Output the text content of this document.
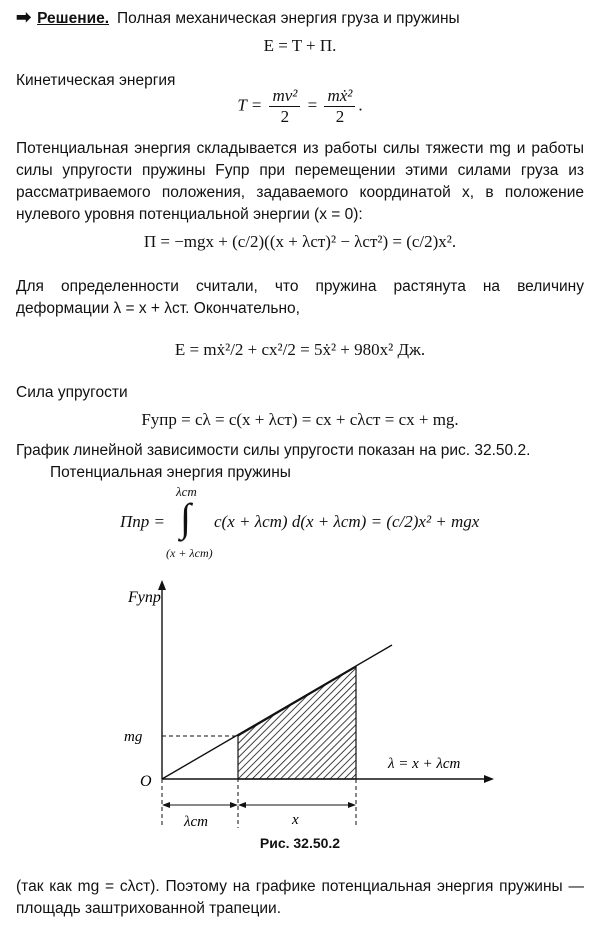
➡ Решение. Полная механическая энергия груза и пружины
E = T + Π.
Кинетическая энергия
$T = \frac{\text{mv²}}{2} = \frac{\text{mẋ²}}{2}$ .
Потенциальная энергия складывается из работы силы тяжести mg и работы силы упругости пружины Fупр при перемещении этими силами груза из рассматриваемого положения, задаваемого координатой x, в положение нулевого уровня потенциальной энергии (x = 0):
Π = −mgx + (c/2)((x + λст)² − λст²) = (c/2)x².
Для определенности считали, что пружина растянута на величину деформации λ = x + λст. Окончательно,
E = mẋ²/2 + cx²/2 = 5ẋ² + 980x² Дж.
Сила упругости
Fупр = cλ = c(x + λст) = cx + cλст = cx + mg.
График линейной зависимости силы упругости показан на рис. 32.50.2.
Потенциальная энергия пружины
Πпр =
λст
∫
(x + λст)
c(x + λст) d(x + λст) = (c/2)x² + mgx
Fупр
λ = x + λст
O
mg
λст	x
Рис. 32.50.2
(так как mg = cλст). Поэтому на графике потенциальная энергия пружины — площадь заштрихованной трапеции.
